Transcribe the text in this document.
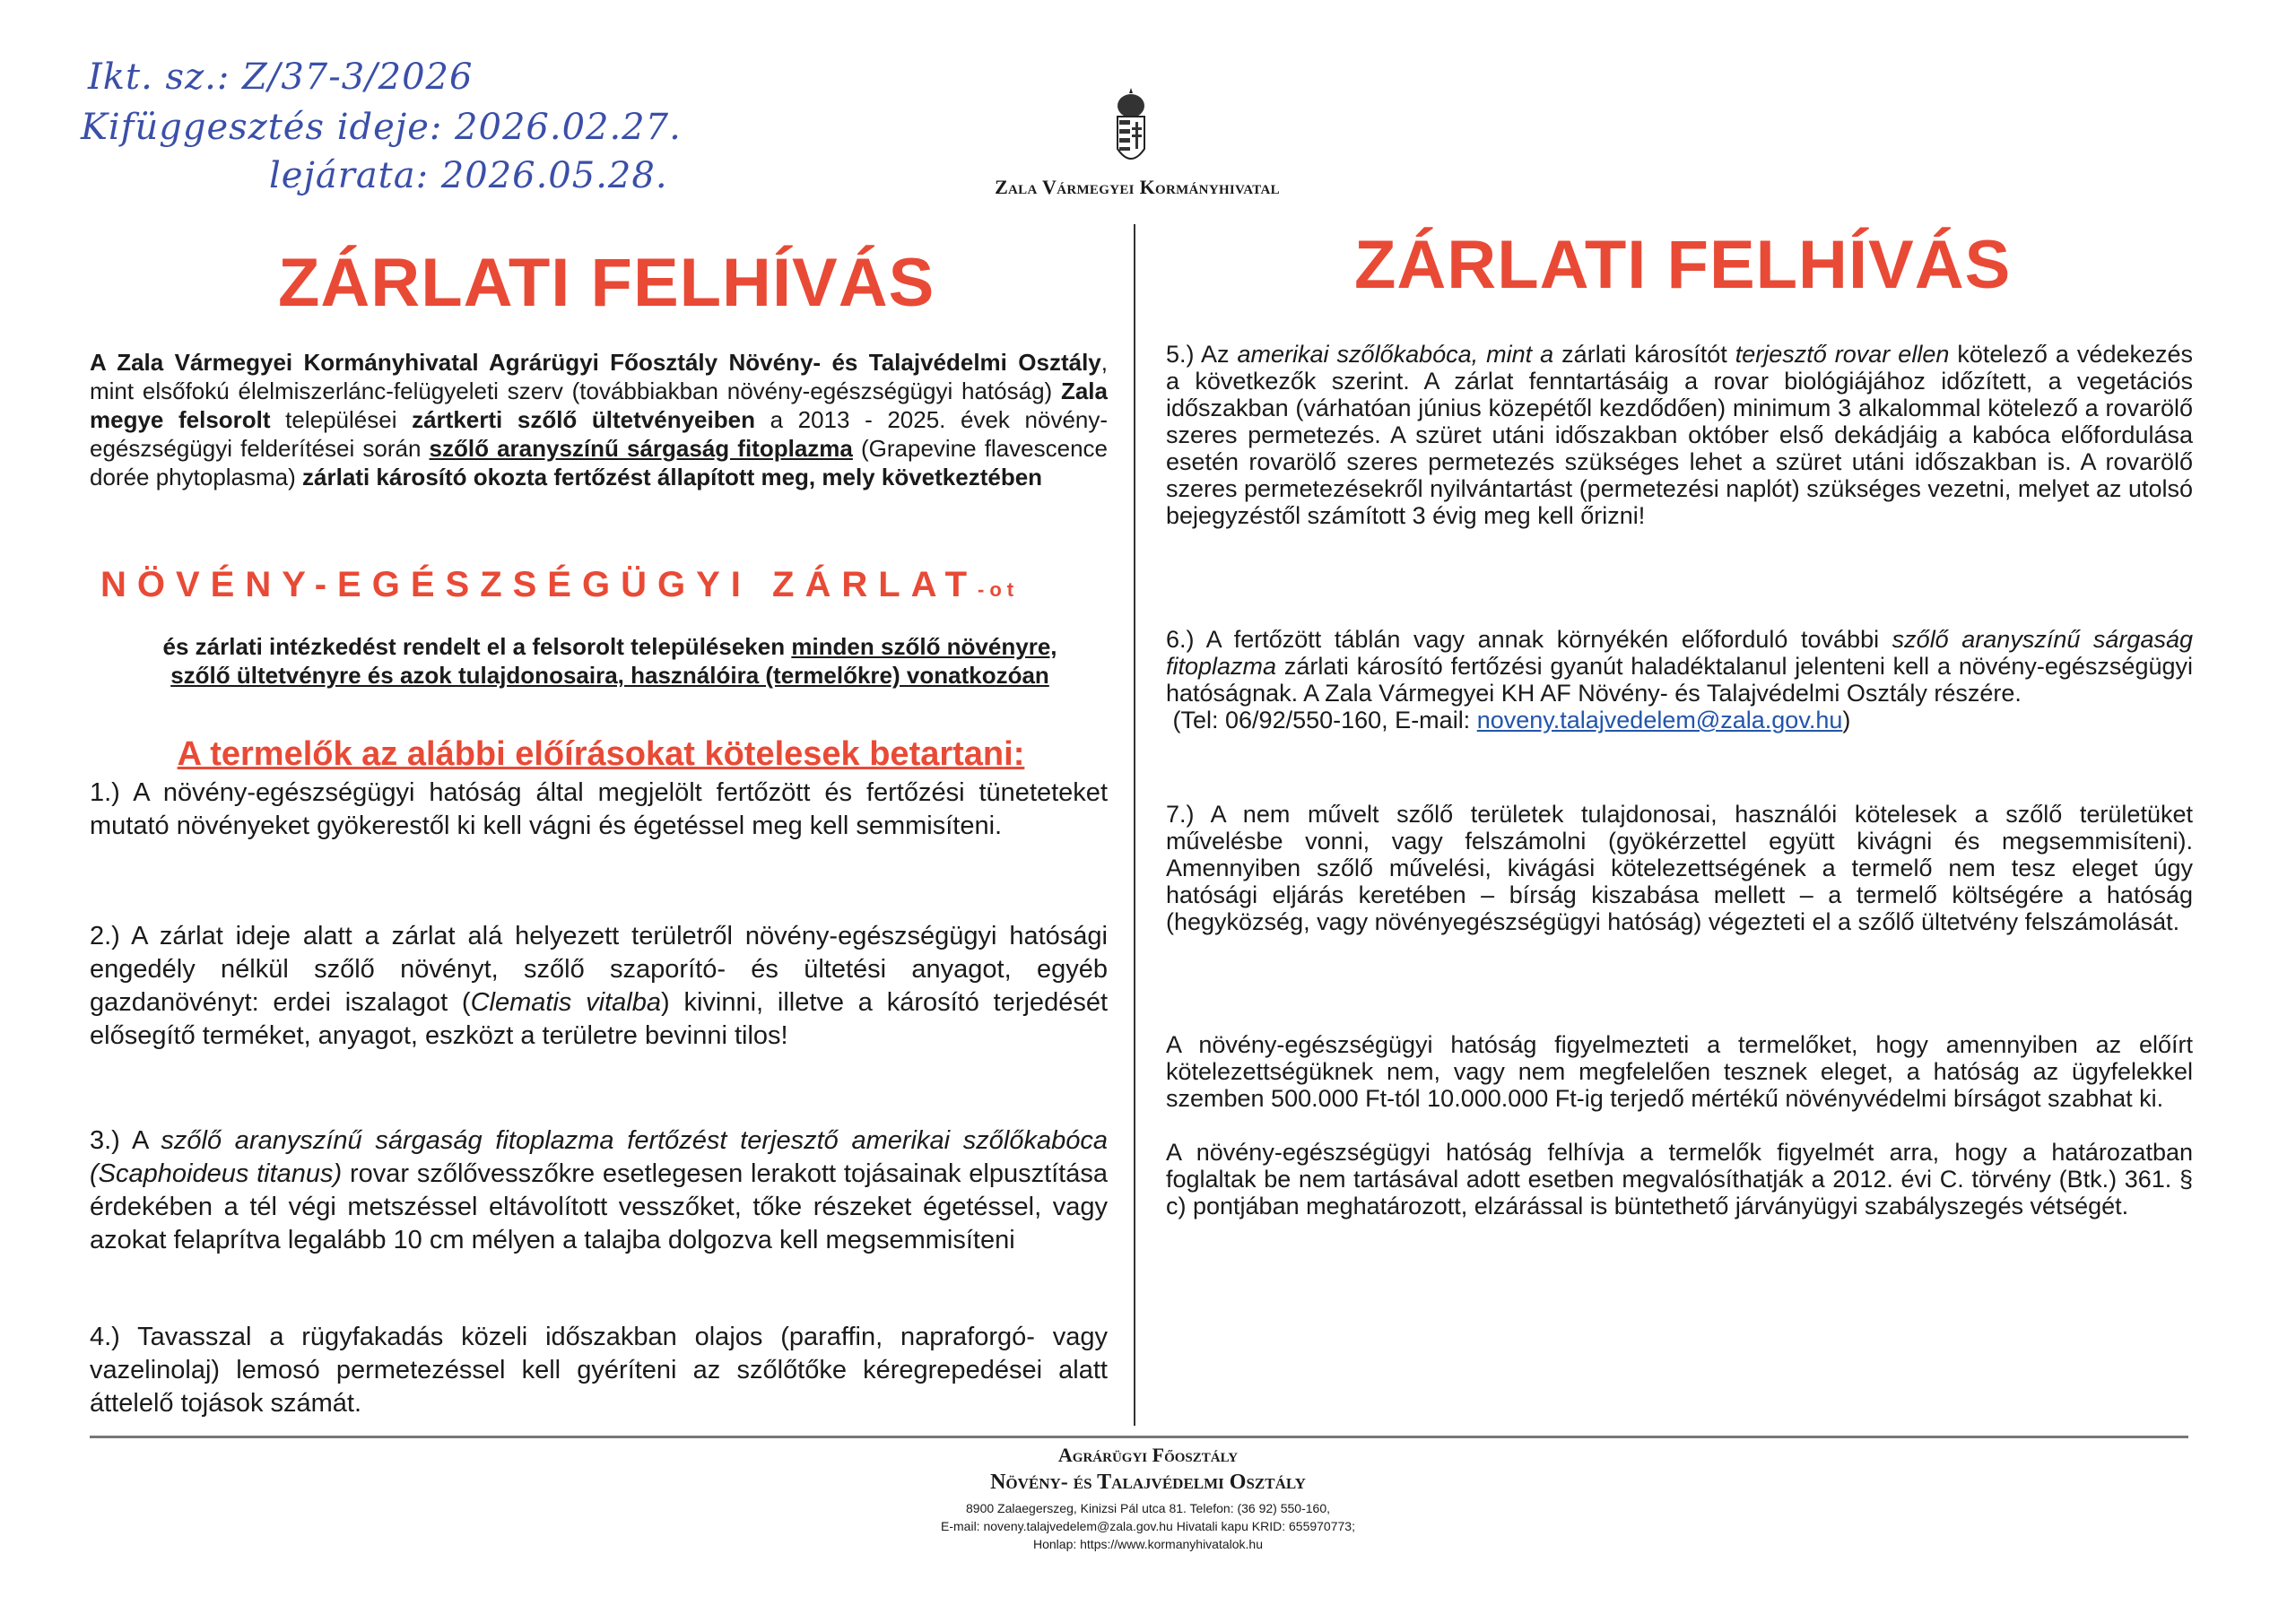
Ikt. sz.: Z/37-3/2026
Kifüggesztés ideje: 2026.02.27.
lejárata: 2026.05.28.	Zala Vármegyei Kormányhivatal
ZÁRLATI FELHÍVÁS
A Zala Vármegyei Kormányhivatal Agrárügyi Főosztály Növény- és Talajvédelmi Osztály, mint elsőfokú élelmiszerlánc-felügyeleti szerv (továbbiakban növény-egészségügyi hatóság) Zala megye felsorolt települései zártkerti szőlő ültetvényeiben a 2013 - 2025. évek növény-egészségügyi felderítései során szőlő aranyszínű sárgaság fitoplazma (Grapevine flavescence dorée phytoplasma) zárlati károsító okozta fertőzést állapított meg, mely következtében
NÖVÉNY-EGÉSZSÉGÜGYI ZÁRLAT-ot
és zárlati intézkedést rendelt el a felsorolt településeken minden szőlő növényre, szőlő ültetvényre és azok tulajdonosaira, használóira (termelőkre) vonatkozóan
A termelők az alábbi előírásokat kötelesek betartani:
1.) A növény-egészségügyi hatóság által megjelölt fertőzött és fertőzési tüneteteket mutató növényeket gyökerestől ki kell vágni és égetéssel meg kell semmisíteni.
2.) A zárlat ideje alatt a zárlat alá helyezett területről növény-egészségügyi hatósági engedély nélkül szőlő növényt, szőlő szaporító- és ültetési anyagot, egyéb gazdanövényt: erdei iszalagot (Clematis vitalba) kivinni, illetve a károsító terjedését elősegítő terméket, anyagot, eszközt a területre bevinni tilos!
3.) A szőlő aranyszínű sárgaság fitoplazma fertőzést terjesztő amerikai szőlőkabóca (Scaphoideus titanus) rovar szőlővesszőkre esetlegesen lerakott tojásainak elpusztítása érdekében a tél végi metszéssel eltávolított vesszőket, tőke részeket égetéssel, vagy azokat felaprítva legalább 10 cm mélyen a talajba dolgozva kell megsemmisíteni
4.) Tavasszal a rügyfakadás közeli időszakban olajos (paraffin, napraforgó- vagy vazelinolaj) lemosó permetezéssel kell gyéríteni az szőlőtőke kéregrepedései alatt áttelelő tojások számát.
ZÁRLATI FELHÍVÁS
5.) Az amerikai szőlőkabóca, mint a zárlati károsítót terjesztő rovar ellen kötelező a védekezés a következők szerint. A zárlat fenntartásáig a rovar biológiájához időzített, a vegetációs időszakban (várhatóan június közepétől kezdődően) minimum 3 alkalommal kötelező a rovarölő szeres permetezés. A szüret utáni időszakban október első dekádjáig a kabóca előfordulása esetén rovarölő szeres permetezés szükséges lehet a szüret utáni időszakban is. A rovarölő szeres permetezésekről nyilvántartást (permetezési naplót) szükséges vezetni, melyet az utolsó bejegyzéstől számított 3 évig meg kell őrizni!
6.) A fertőzött táblán vagy annak környékén előforduló további szőlő aranyszínű sárgaság fitoplazma zárlati károsító fertőzési gyanút haladéktalanul jelenteni kell a növény-egészségügyi hatóságnak. A Zala Vármegyei KH AF Növény- és Talajvédelmi Osztály részére.
(Tel: 06/92/550-160, E-mail: noveny.talajvedelem@zala.gov.hu)
7.) A nem művelt szőlő területek tulajdonosai, használói kötelesek a szőlő területüket művelésbe vonni, vagy felszámolni (gyökérzettel együtt kivágni és megsemmisíteni). Amennyiben szőlő művelési, kivágási kötelezettségének a termelő nem tesz eleget úgy hatósági eljárás keretében – bírság kiszabása mellett – a termelő költségére a hatóság (hegyközség, vagy növényegészségügyi hatóság) végezteti el a szőlő ültetvény felszámolását.
A növény-egészségügyi hatóság figyelmezteti a termelőket, hogy amennyiben az előírt kötelezettségüknek nem, vagy nem megfelelően tesznek eleget, a hatóság az ügyfelekkel szemben 500.000 Ft-tól 10.000.000 Ft-ig terjedő mértékű növényvédelmi bírságot szabhat ki.
A növény-egészségügyi hatóság felhívja a termelők figyelmét arra, hogy a határozatban foglaltak be nem tartásával adott esetben megvalósíthatják a 2012. évi C. törvény (Btk.) 361. § c) pontjában meghatározott, elzárással is büntethető járványügyi szabályszegés vétségét.
Agrárügyi Főosztály
Növény- és Talajvédelmi Osztály
8900 Zalaegerszeg, Kinizsi Pál utca 81. Telefon: (36 92) 550-160,
E-mail: noveny.talajvedelem@zala.gov.hu Hivatali kapu KRID: 655970773;
Honlap: https://www.kormanyhivatalok.hu
